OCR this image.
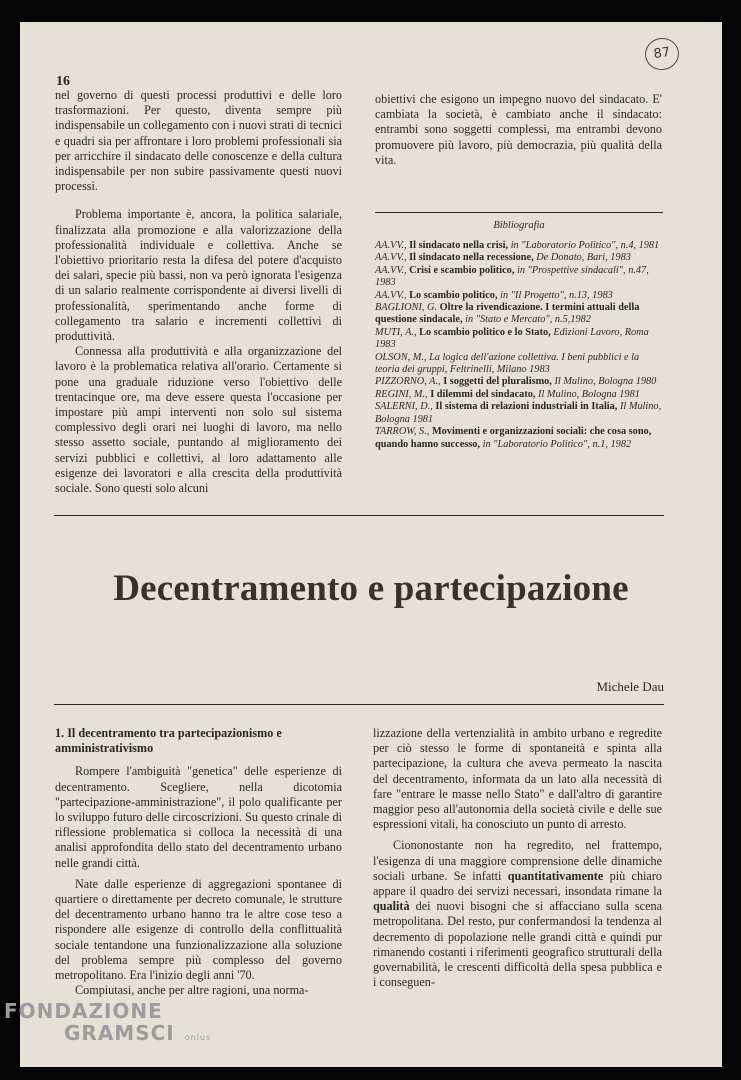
16
87

nel governo di questi processi produttivi e delle loro trasformazioni. Per questo, diventa sempre più indispensabile un collegamento con i nuovi strati di tecnici e quadri sia per affrontare i loro problemi professionali sia per arricchire il sindacato delle conoscenze e della cultura indispensabile per non subire passivamente questi nuovi processi.

Problema importante è, ancora, la politica salariale, finalizzata alla promozione e alla valorizzazione della professionalità individuale e collettiva. Anche se l'obiettivo prioritario resta la difesa del potere d'acquisto dei salari, specie più bassi, non va però ignorata l'esigenza di un salario realmente corrispondente ai diversi livelli di professionalità, sperimentando anche forme di collegamento tra salario e incrementi collettivi di produttività.

Connessa alla produttività e alla organizzazione del lavoro è la problematica relativa all'orario. Certamente si pone una graduale riduzione verso l'obiettivo delle trentacinque ore, ma deve essere questa l'occasione per impostare più ampi interventi non solo sul sistema complessivo degli orari nei luoghi di lavoro, ma nello stesso assetto sociale, puntando al miglioramento dei servizi pubblici e collettivi, al loro adattamento alle esigenze dei lavoratori e alla crescita della produttività sociale. Sono questi solo alcuni

obiettivi che esigono un impegno nuovo del sindacato. E' cambiata la società, è cambiato anche il sindacato: entrambi sono soggetti complessi, ma entrambi devono promuovere più lavoro, più democrazia, più qualità della vita.

Bibliografia
AA.VV., Il sindacato nella crisi, in "Laboratorio Politico", n.4, 1981
AA.VV., Il sindacato nella recessione, De Donato, Bari, 1983
AA.VV., Crisi e scambio politico, in "Prospettive sindacali", n.47, 1983
AA.VV., Lo scambio politico, in "Il Progetto", n.13, 1983
BAGLIONI, G. Oltre la rivendicazione. I termini attuali della questione sindacale, in "Stato e Mercato", n.5,1982
MUTI, A., Lo scambio politico e lo Stato, Edizioni Lavoro, Roma 1983
OLSON, M., La logica dell'azione collettiva. I beni pubblici e la teoria dei gruppi, Feltrinelli, Milano 1983
PIZZORNO, A., I soggetti del pluralismo, Il Mulino, Bologna 1980
REGINI, M., I dilemmi del sindacato, Il Mulino, Bologna 1981
SALERNI, D., Il sistema di relazioni industriali in Italia, Il Mulino, Bologna 1981
TARROW, S., Movimenti e organizzazioni sociali: che cosa sono, quando hanno successo, in "Laboratorio Politico", n.1, 1982
Decentramento e partecipazione
Michele Dau

1. Il decentramento tra partecipazionismo e amministrativismo

Rompere l'ambiguità "genetica" delle esperienze di decentramento. Scegliere, nella dicotomia "partecipazione-amministrazione", il polo qualificante per lo sviluppo futuro delle circoscrizioni. Su questo crinale di riflessione problematica si colloca la necessità di una analisi approfondita dello stato del decentramento urbano nelle grandi città.

Nate dalle esperienze di aggregazioni spontanee di quartiere o direttamente per decreto comunale, le strutture del decentramento urbano hanno tra le altre cose teso a rispondere alle esigenze di controllo della conflittualità sociale tentandone una funzionalizzazione alla soluzione del problema sempre più complesso del governo metropolitano. Era l'inizio degli anni '70.

Compiutasi, anche per altre ragioni, una norma-

lizzazione della vertenzialità in ambito urbano e regredite per ciò stesso le forme di spontaneità e spinta alla partecipazione, la cultura che aveva permeato la nascita del decentramento, informata da un lato alla necessità di fare "entrare le masse nello Stato" e dall'altro di garantire maggior peso all'autonomia della società civile e delle sue espressioni vitali, ha conosciuto un punto di arresto.

Ciononostante non ha regredito, nel frattempo, l'esigenza di una maggiore comprensione delle dinamiche sociali urbane. Se infatti quantitativamente più chiaro appare il quadro dei servizi necessari, insondata rimane la qualità dei nuovi bisogni che si affacciano sulla scena metropolitana. Del resto, pur confermandosi la tendenza al decremento di popolazione nelle grandi città e quindi pur rimanendo costanti i riferimenti geografico strutturali della governabilità, le crescenti difficoltà della spesa pubblica e i conseguen-

FONDAZIONE
GRAMSCI onlus
